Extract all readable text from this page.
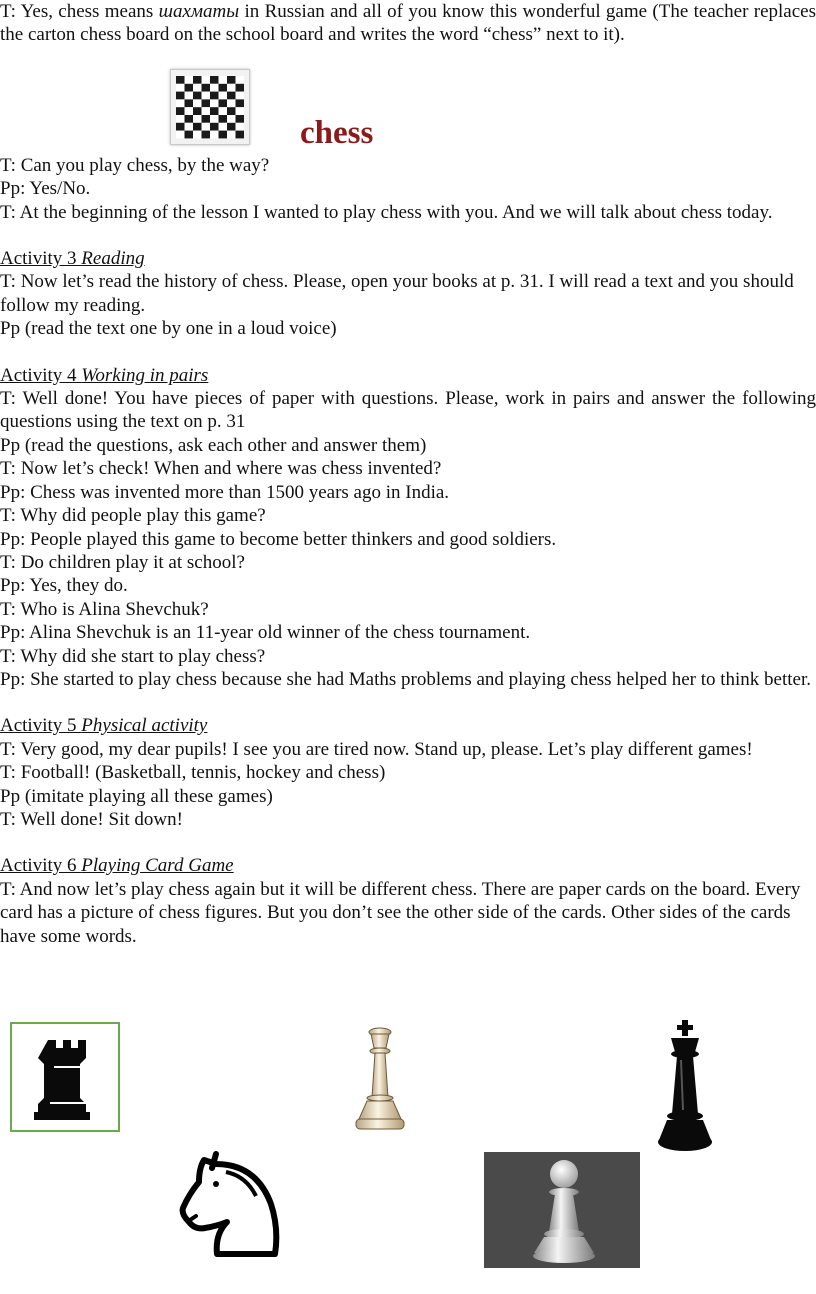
T: Yes, chess means шахматы in Russian and all of you know this wonderful game (The teacher replaces the carton chess board on the school board and writes the word “chess” next to it).

T: Can you play chess, by the way?

Pp: Yes/No.

T: At the beginning of the lesson I wanted to play chess with you. And we will talk about chess today.

Activity 3 Reading

T: Now let’s read the history of chess. Please, open your books at p. 31. I will read a text and you should follow my reading.

Pp (read the text one by one in a loud voice)

Activity 4 Working in pairs

T: Well done! You have pieces of paper with questions. Please, work in pairs and answer the following questions using the text on p. 31

Pp (read the questions, ask each other and answer them)

T: Now let’s check! When and where was chess invented?

Pp: Chess was invented more than 1500 years ago in India.

T: Why did people play this game?

Pp: People played this game to become better thinkers and good soldiers.

T: Do children play it at school?

Pp: Yes, they do.

T: Who is Alina Shevchuk?

Pp: Alina Shevchuk is an 11-year old winner of the chess tournament.

T: Why did she start to play chess?

Pp: She started to play chess because she had Maths problems and playing chess helped her to think better.

Activity 5 Physical activity

T: Very good, my dear pupils! I see you are tired now. Stand up, please. Let’s play different games!

T: Football! (Basketball, tennis, hockey and chess)

Pp (imitate playing all these games)

T: Well done! Sit down!

Activity 6 Playing Card Game

T: And now let’s play chess again but it will be different chess. There are paper cards on the board. Every card has a picture of chess figures. But you don’t see the other side of the cards. Other sides of the cards have some words.

chess
